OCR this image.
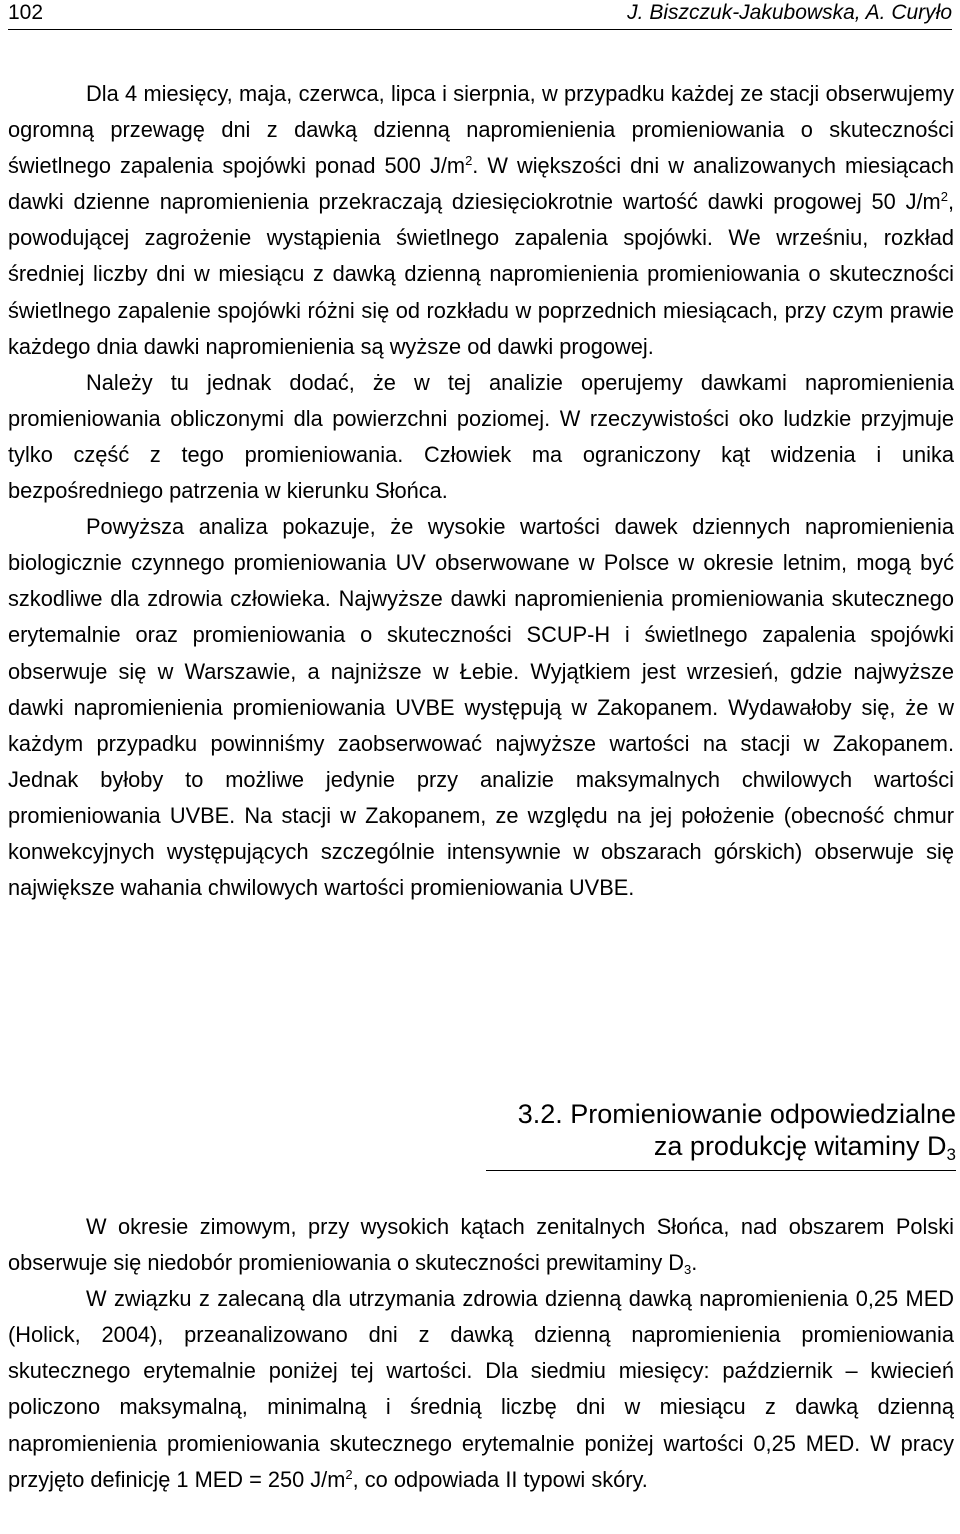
102	J. Biszczuk-Jakubowska, A. Curyło

Dla 4 miesięcy, maja, czerwca, lipca i sierpnia, w przypadku każdej ze stacji obserwujemy ogromną przewagę dni z dawką dzienną napromienienia promieniowania o skuteczności świetlnego zapalenia spojówki ponad 500 $J/m^2$. W większości dni w analizowanych miesiącach dawki dzienne napromienienia przekraczają dziesięciokrotnie wartość dawki progowej 50 $J/m^2$, powodującej zagrożenie wystąpienia świetlnego zapalenia spojówki. We wrześniu, rozkład średniej liczby dni w miesiącu z dawką dzienną napromienienia promieniowania o skuteczności świetlnego zapalenie spojówki różni się od rozkładu w poprzednich miesiącach, przy czym prawie każdego dnia dawki napromienienia są wyższe od dawki progowej.

Należy tu jednak dodać, że w tej analizie operujemy dawkami napromienienia promieniowania obliczonymi dla powierzchni poziomej. W rzeczywistości oko ludzkie przyjmuje tylko część z tego promieniowania. Człowiek ma ograniczony kąt widzenia i unika bezpośredniego patrzenia w kierunku Słońca.

Powyższa analiza pokazuje, że wysokie wartości dawek dziennych napromienienia biologicznie czynnego promieniowania UV obserwowane w Polsce w okresie letnim, mogą być szkodliwe dla zdrowia człowieka. Najwyższe dawki napromienienia promieniowania skutecznego erytemalnie oraz promieniowania o skuteczności SCUP-H i świetlnego zapalenia spojówki obserwuje się w Warszawie, a najniższe w Łebie. Wyjątkiem jest wrzesień, gdzie najwyższe dawki napromienienia promieniowania UVBE występują w Zakopanem. Wydawałoby się, że w każdym przypadku powinniśmy zaobserwować najwyższe wartości na stacji w Zakopanem. Jednak byłoby to możliwe jedynie przy analizie maksymalnych chwilowych wartości promieniowania UVBE. Na stacji w Zakopanem, ze względu na jej położenie (obecność chmur konwekcyjnych występujących szczególnie intensywnie w obszarach górskich) obserwuje się największe wahania chwilowych wartości promieniowania UVBE.

3.2. Promieniowanie odpowiedzialne
za produkcję witaminy $D_3$

W okresie zimowym, przy wysokich kątach zenitalnych Słońca, nad obszarem Polski obserwuje się niedobór promieniowania o skuteczności prewitaminy $D_3$.

W związku z zalecaną dla utrzymania zdrowia dzienną dawką napromienienia 0,25 MED (Holick, 2004), przeanalizowano dni z dawką dzienną napromienienia promieniowania skutecznego erytemalnie poniżej tej wartości. Dla siedmiu miesięcy: październik – kwiecień policzono maksymalną, minimalną i średnią liczbę dni w miesiącu z dawką dzienną napromienienia promieniowania skutecznego erytemalnie poniżej wartości 0,25 MED. W pracy przyjęto definicję 1 MED = 250 $J/m^2$, co odpowiada II typowi skóry.
